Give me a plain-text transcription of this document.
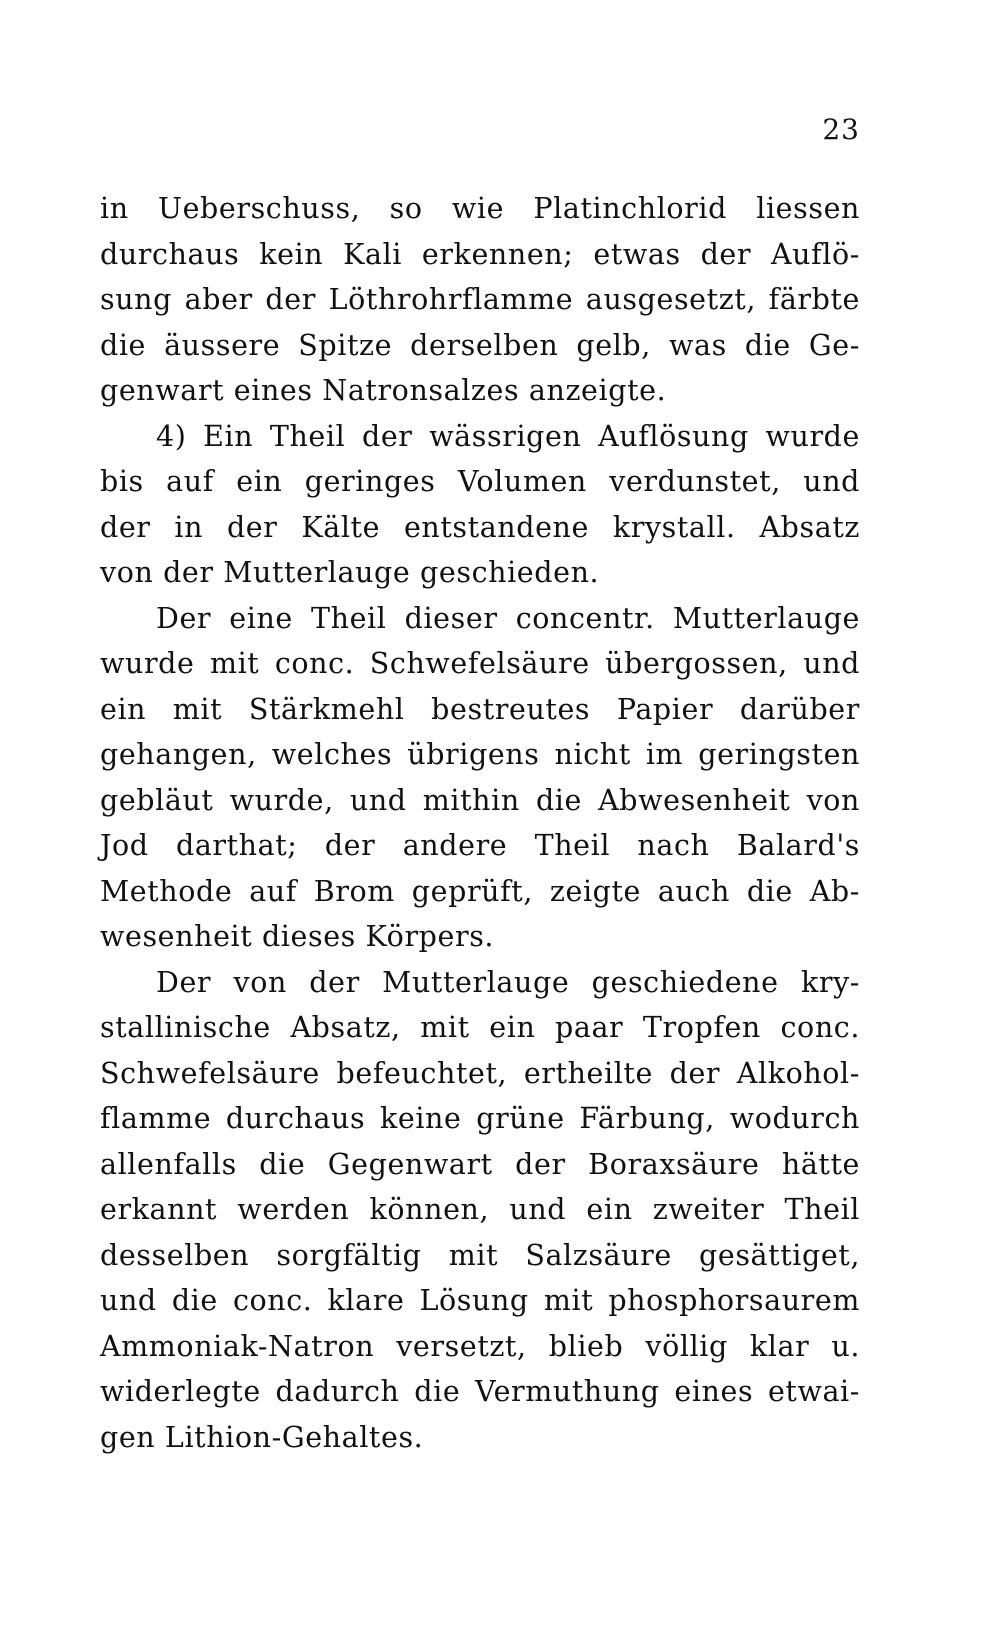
23
in Ueberschuss, so wie Platinchlorid liessen
durchaus kein Kali erkennen; etwas der Auflö-
sung aber der Löthrohrflamme ausgesetzt, färbte
die äussere Spitze derselben gelb, was die Ge-
genwart eines Natronsalzes anzeigte.
4) Ein Theil der wässrigen Auflösung wurde
bis auf ein geringes Volumen verdunstet, und
der in der Kälte entstandene krystall. Absatz
von der Mutterlauge geschieden.
Der eine Theil dieser concentr. Mutterlauge
wurde mit conc. Schwefelsäure übergossen, und
ein mit Stärkmehl bestreutes Papier darüber
gehangen, welches übrigens nicht im geringsten
gebläut wurde, und mithin die Abwesenheit von
Jod darthat; der andere Theil nach Balard's
Methode auf Brom geprüft, zeigte auch die Ab-
wesenheit dieses Körpers.
Der von der Mutterlauge geschiedene kry-
stallinische Absatz, mit ein paar Tropfen conc.
Schwefelsäure befeuchtet, ertheilte der Alkohol-
flamme durchaus keine grüne Färbung, wodurch
allenfalls die Gegenwart der Boraxsäure hätte
erkannt werden können, und ein zweiter Theil
desselben sorgfältig mit Salzsäure gesättiget,
und die conc. klare Lösung mit phosphorsaurem
Ammoniak-Natron versetzt, blieb völlig klar u.
widerlegte dadurch die Vermuthung eines etwai-
gen Lithion-Gehaltes.
